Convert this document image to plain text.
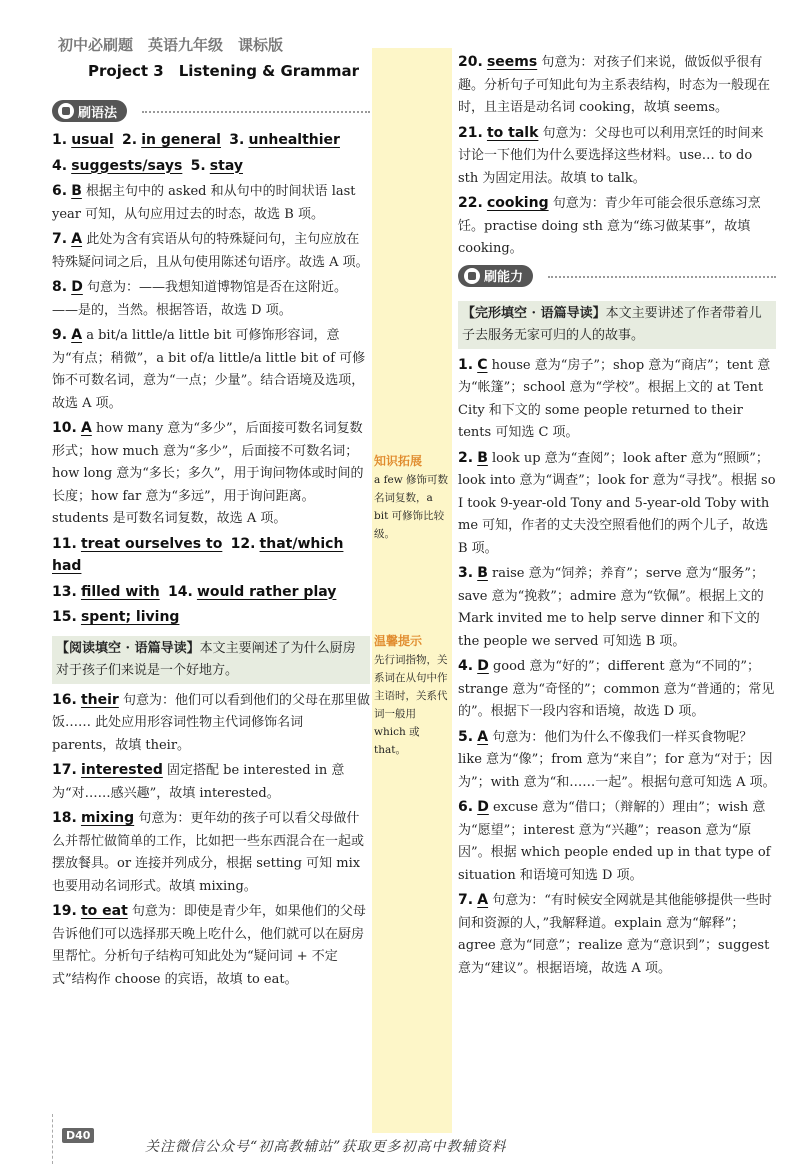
初中必刷题　英语九年级　课标版
Project 3　Listening & Grammar
刷语法
1. usual 2. in general 3. unhealthier
4. suggests/says 5. stay
6. B 根据主句中的 asked 和从句中的时间状语 last year 可知，从句应用过去的时态，故选 B 项。
7. A 此处为含有宾语从句的特殊疑问句，主句应放在特殊疑问词之后，且从句使用陈述句语序。故选 A 项。
8. D 句意为：——我想知道博物馆是否在这附近。——是的，当然。根据答语，故选 D 项。
9. A a bit/a little/a little bit 可修饰形容词，意为“有点；稍微”，a bit of/a little/a little bit of 可修饰不可数名词，意为“一点；少量”。结合语境及选项，故选 A 项。
10. A how many 意为“多少”，后面接可数名词复数形式；how much 意为“多少”，后面接不可数名词；how long 意为“多长；多久”，用于询问物体或时间的长度；how far 意为“多远”，用于询问距离。students 是可数名词复数，故选 A 项。
11. treat ourselves to 12. that/which had
13. filled with 14. would rather play
15. spent; living
【阅读填空 · 语篇导读】本文主要阐述了为什么厨房对于孩子们来说是一个好地方。
16. their 句意为：他们可以看到他们的父母在那里做饭…… 此处应用形容词性物主代词修饰名词 parents，故填 their。
17. interested 固定搭配 be interested in 意为“对……感兴趣”，故填 interested。
18. mixing 句意为：更年幼的孩子可以看父母做什么并帮忙做简单的工作，比如把一些东西混合在一起或摆放餐具。or 连接并列成分，根据 setting 可知 mix 也要用动名词形式。故填 mixing。
19. to eat 句意为：即使是青少年，如果他们的父母告诉他们可以选择那天晚上吃什么，他们就可以在厨房里帮忙。分析句子结构可知此处为“疑问词 + 不定式”结构作 choose 的宾语，故填 to eat。
知识拓展
a few 修饰可数名词复数，a bit 可修饰比较级。
温馨提示
先行词指物，关系词在从句中作主语时，关系代词一般用 which 或 that。
20. seems 句意为：对孩子们来说，做饭似乎很有趣。分析句子可知此句为主系表结构，时态为一般现在时，且主语是动名词 cooking，故填 seems。
21. to talk 句意为：父母也可以利用烹饪的时间来讨论一下他们为什么要选择这些材料。use… to do sth 为固定用法。故填 to talk。
22. cooking 句意为：青少年可能会很乐意练习烹饪。practise doing sth 意为“练习做某事”，故填 cooking。
刷能力
【完形填空 · 语篇导读】本文主要讲述了作者带着儿子去服务无家可归的人的故事。
1. C house 意为“房子”；shop 意为“商店”；tent 意为“帐篷”；school 意为“学校”。根据上文的 at Tent City 和下文的 some people returned to their tents 可知选 C 项。
2. B look up 意为“查阅”；look after 意为“照顾”；look into 意为“调查”；look for 意为“寻找”。根据 so I took 9-year-old Tony and 5-year-old Toby with me 可知，作者的丈夫没空照看他们的两个儿子，故选 B 项。
3. B raise 意为“饲养；养育”；serve 意为“服务”；save 意为“挽救”；admire 意为“钦佩”。根据上文的 Mark invited me to help serve dinner 和下文的 the people we served 可知选 B 项。
4. D good 意为“好的”；different 意为“不同的”；strange 意为“奇怪的”；common 意为“普通的；常见的”。根据下一段内容和语境，故选 D 项。
5. A 句意为：他们为什么不像我们一样买食物呢？like 意为“像”；from 意为“来自”；for 意为“对于；因为”；with 意为“和……一起”。根据句意可知选 A 项。
6. D excuse 意为“借口；（辩解的）理由”；wish 意为“愿望”；interest 意为“兴趣”；reason 意为“原因”。根据 which people ended up in that type of situation 和语境可知选 D 项。
7. A 句意为：“有时候安全网就是其他能够提供一些时间和资源的人，”我解释道。explain 意为“解释”；agree 意为“同意”；realize 意为“意识到”；suggest 意为“建议”。根据语境，故选 A 项。
D40
关注微信公众号“初高教辅站”获取更多初高中教辅资料
